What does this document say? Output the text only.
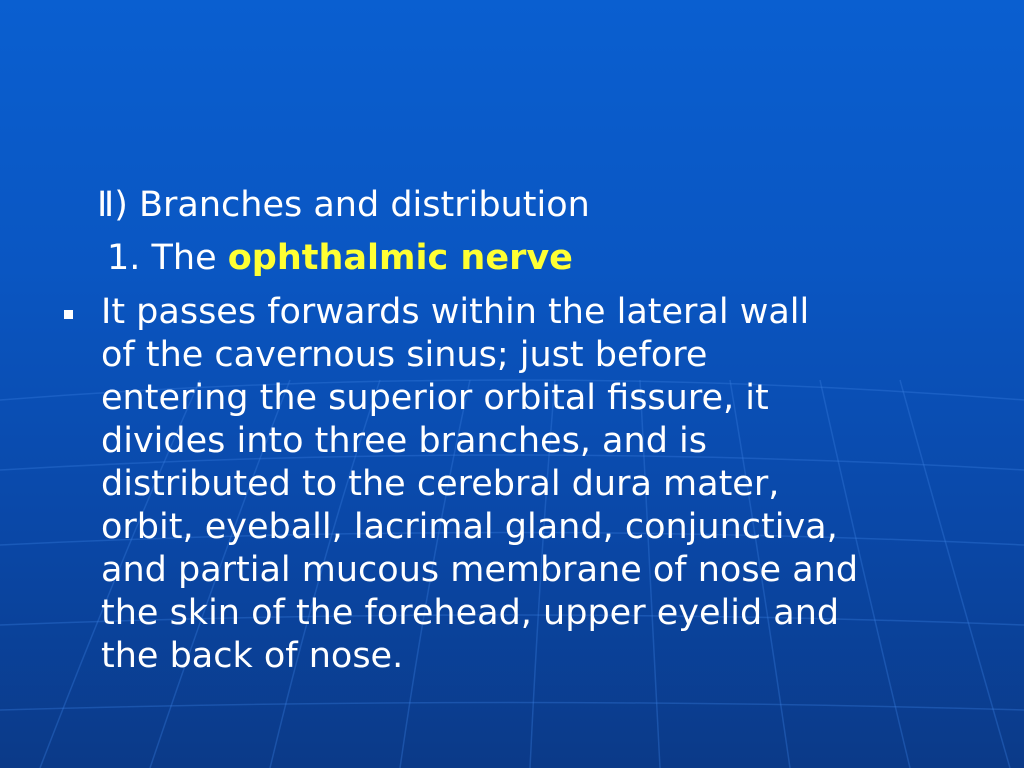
Ⅱ) Branches and distribution
1. The ophthalmic nerve
It passes forwards within the lateral wall
of the cavernous sinus; just before
entering the superior orbital fissure, it
divides into three branches, and is
distributed to the cerebral dura mater,
orbit, eyeball, lacrimal gland, conjunctiva,
and partial mucous membrane of nose and
the skin of the forehead, upper eyelid and
the back of nose.
